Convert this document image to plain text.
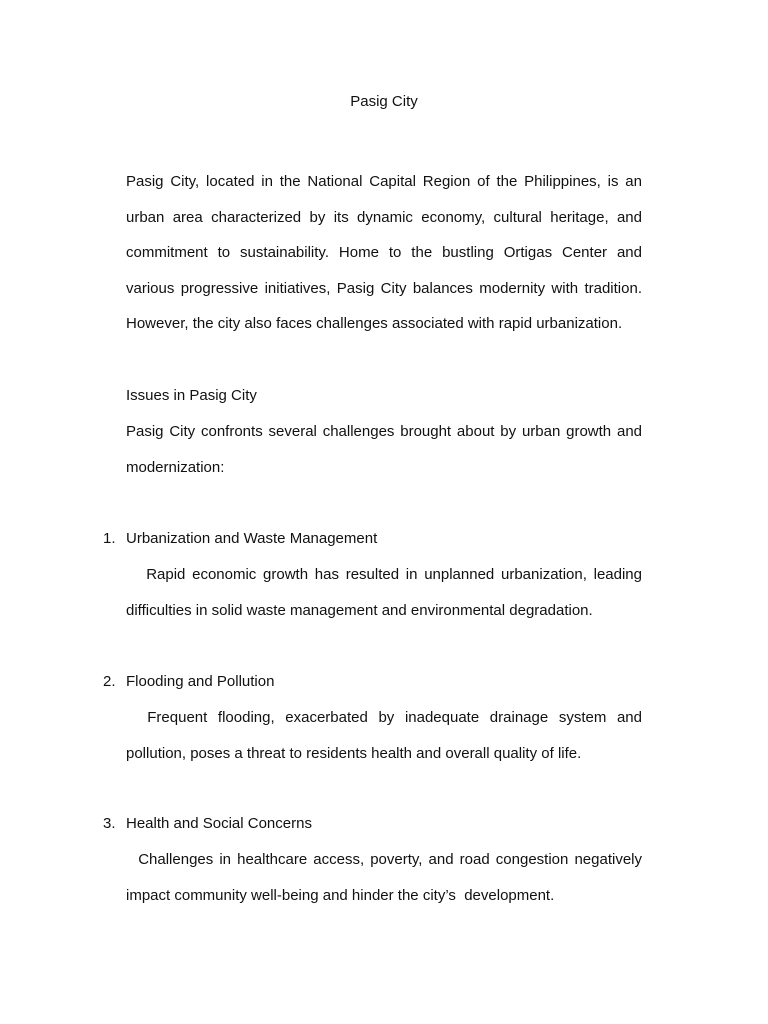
Pasig City
Pasig City, located in the National Capital Region of the Philippines, is an urban area characterized by its dynamic economy, cultural heritage, and commitment to sustainability. Home to the bustling Ortigas Center and various progressive initiatives, Pasig City balances modernity with tradition. However, the city also faces challenges associated with rapid urbanization.
Issues in Pasig City
Pasig City confronts several challenges brought about by urban growth and modernization:
1. Urbanization and Waste Management
Rapid economic growth has resulted in unplanned urbanization, leading difficulties in solid waste management and environmental degradation.
2. Flooding and Pollution
Frequent flooding, exacerbated by inadequate drainage system and pollution, poses a threat to residents health and overall quality of life.
3. Health and Social Concerns
Challenges in healthcare access, poverty, and road congestion negatively impact community well-being and hinder the city’s  development.
